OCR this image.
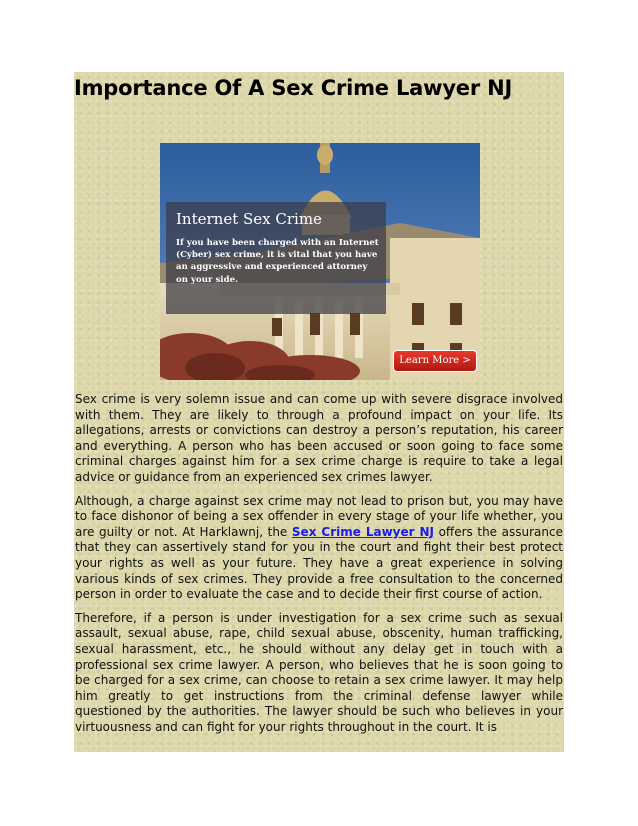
Importance Of A Sex Crime Lawyer NJ
Internet Sex Crime
If you have been charged with an Internet (Cyber) sex crime, it is vital that you have an aggressive and experienced attorney on your side.
Learn More >

Sex crime is very solemn issue and can come up with severe disgrace involved with them. They are likely to through a profound impact on your life. Its allegations, arrests or convictions can destroy a person’s reputation, his career and everything. A person who has been accused or soon going to face some criminal charges against him for a sex crime charge is require to take a legal advice or guidance from an experienced sex crimes lawyer.

Although, a charge against sex crime may not lead to prison but, you may have to face dishonor of being a sex offender in every stage of your life whether, you are guilty or not. At Harklawnj, the Sex Crime Lawyer NJ offers the assurance that they can assertively stand for you in the court and fight their best protect your rights as well as your future. They have a great experience in solving various kinds of sex crimes. They provide a free consultation to the concerned person in order to evaluate the case and to decide their first course of action.

Therefore, if a person is under investigation for a sex crime such as sexual assault, sexual abuse, rape, child sexual abuse, obscenity, human trafficking, sexual harassment, etc., he should without any delay get in touch with a professional sex crime lawyer. A person, who believes that he is soon going to be charged for a sex crime, can choose to retain a sex crime lawyer. It may help him greatly to get instructions from the criminal defense lawyer while questioned by the authorities. The lawyer should be such who believes in your virtuousness and can fight for your rights throughout in the court. It is
